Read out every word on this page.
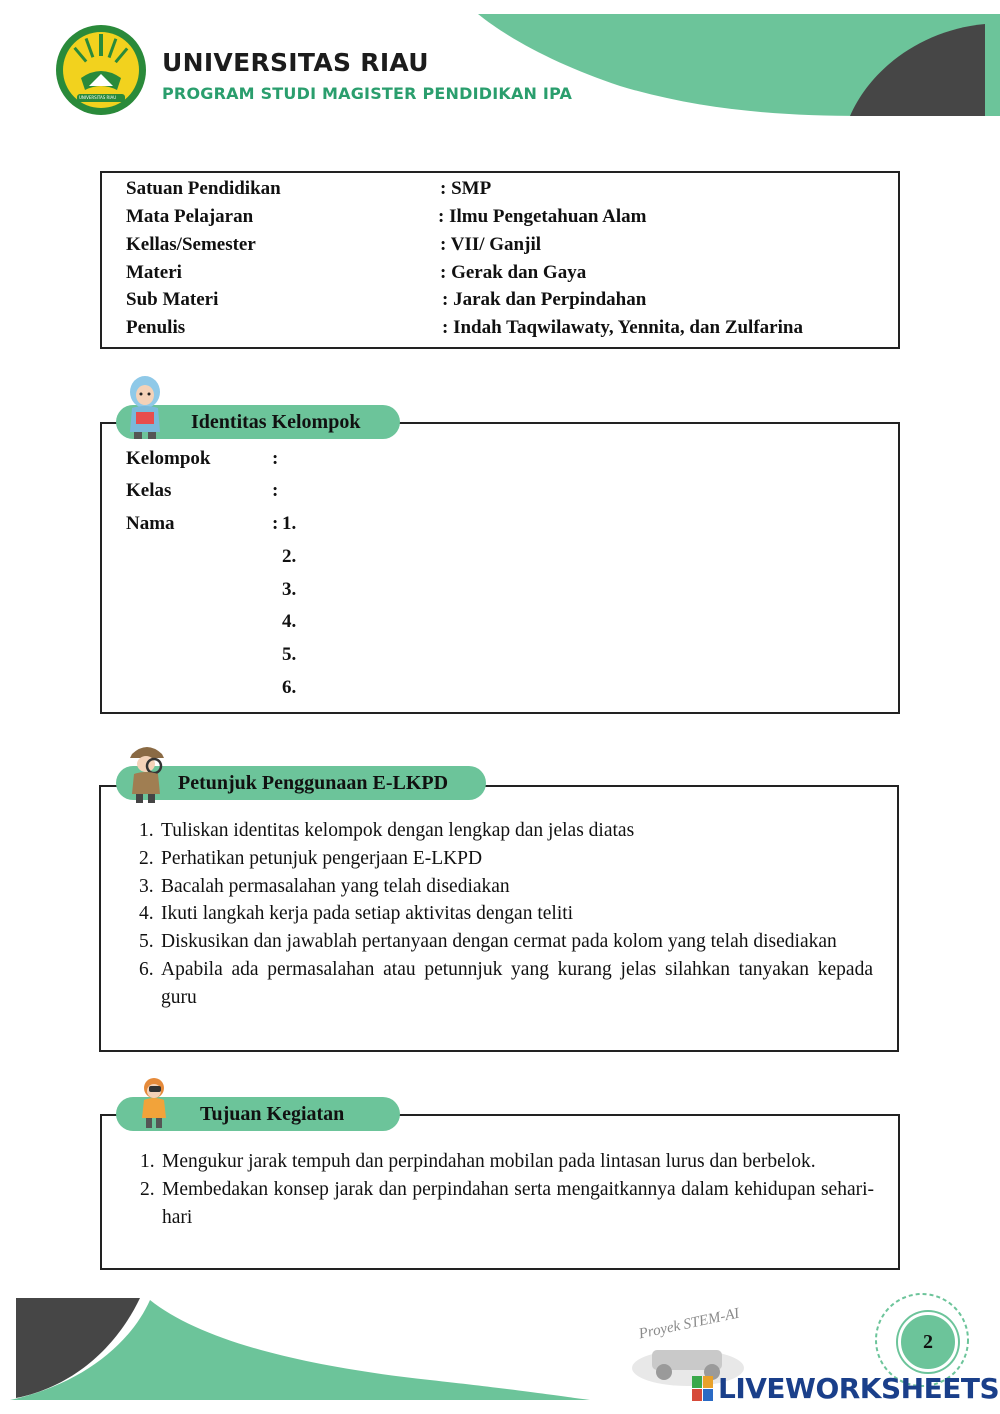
UNIVERSITAS RIAU
UNIVERSITAS RIAU
PROGRAM STUDI MAGISTER PENDIDIKAN IPA
Satuan Pendidikan	: SMP
Mata Pelajaran	: Ilmu Pengetahuan Alam
Kellas/Semester	: VII/ Ganjil
Materi	: Gerak dan Gaya
Sub Materi	: Jarak dan Perpindahan
Penulis	: Indah Taqwilawaty, Yennita, dan Zulfarina
Kelompok	:
Kelas	:
Nama	: 1.
2.
3.
4.
5.
6.
Identitas Kelompok
1. Tuliskan identitas kelompok dengan lengkap dan jelas diatas
2. Perhatikan petunjuk pengerjaan E-LKPD
3. Bacalah permasalahan yang telah disediakan
4. Ikuti langkah kerja pada setiap aktivitas dengan teliti
5. Diskusikan dan jawablah pertanyaan dengan cermat pada kolom yang telah disediakan
6. Apabila ada permasalahan atau petunnjuk yang kurang jelas silahkan tanyakan kepada guru
Petunjuk Penggunaan E-LKPD
1. Mengukur jarak tempuh dan perpindahan mobilan pada lintasan lurus dan berbelok.
2. Membedakan konsep jarak dan perpindahan serta mengaitkannya dalam kehidupan sehari-hari
Tujuan Kegiatan
Proyek STEM-AI	2
LIVEWORKSHEETS
